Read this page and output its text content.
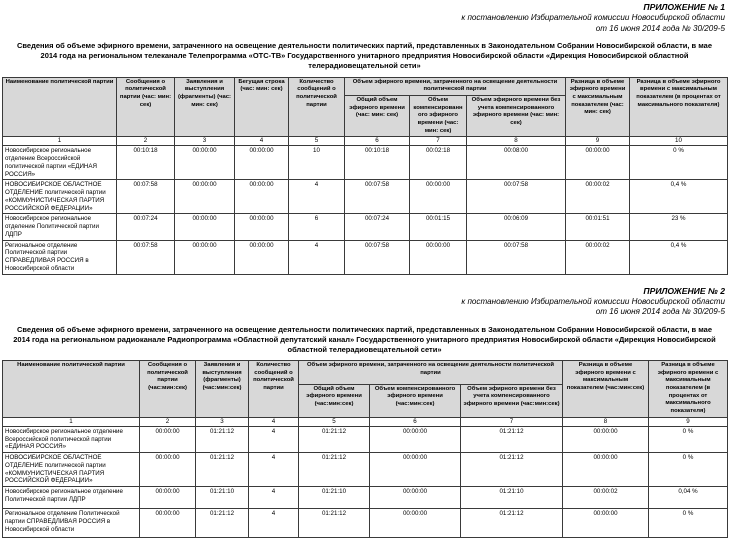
ПРИЛОЖЕНИЕ № 1
к постановлению Избирательной комиссии Новосибирской области
от 16 июня 2014 года № 30/209-5
Сведения об объеме эфирного времени, затраченного на освещение деятельности политических партий, представленных в Законодательном Собрании Новосибирской области, в мае 2014 года на региональном телеканале Телепрограмма «ОТС-ТВ» Государственного унитарного предприятия Новосибирской области «Дирекция Новосибирской областной телерадиовещательной сети»
Наименование политической партии	Сообщения о политической партии (час: мин: сек)	Заявления и выступления (фрагменты) (час: мин: сек)	Бегущая строка (час: мин: сек)	Количество сообщений о политической партии	Объем эфирного времени, затраченного на освещение деятельности политической партии			Разница в объеме эфирного времени с максимальным показателем (час: мин: сек)	Разница в объеме эфирного времени с максимальным показателем (в процентах от максимального показателя)
					Общий объем эфирного времени (час: мин: сек)	Объем компенсированного эфирного времени (час: мин: сек)	Объем эфирного времени без учета компенсированного эфирного времени (час: мин: сек)		
1	2	3	4	5	6	7	8	9	10
Новосибирское региональное отделение Всероссийской политической партии «ЕДИНАЯ РОССИЯ»	00:10:18	00:00:00	00:00:00	10	00:10:18	00:02:18	00:08:00	00:00:00	0 %
НОВОСИБИРСКОЕ ОБЛАСТНОЕ ОТДЕЛЕНИЕ политической партии «КОММУНИСТИЧЕСКАЯ ПАРТИЯ РОССИЙСКОЙ ФЕДЕРАЦИИ»	00:07:58	00:00:00	00:00:00	4	00:07:58	00:00:00	00:07:58	00:00:02	0,4 %
Новосибирское региональное отделение Политической партии ЛДПР	00:07:24	00:00:00	00:00:00	6	00:07:24	00:01:15	00:06:09	00:01:51	23 %
Региональное отделение Политической партии СПРАВЕДЛИВАЯ РОССИЯ в Новосибирской области	00:07:58	00:00:00	00:00:00	4	00:07:58	00:00:00	00:07:58	00:00:02	0,4 %
ПРИЛОЖЕНИЕ № 2
к постановлению Избирательной комиссии Новосибирской области
от 16 июня 2014 года № 30/209-5
Сведения об объеме эфирного времени, затраченного на освещение деятельности политических партий, представленных в Законодательном Собрании Новосибирской области, в мае 2014 года на региональном радиоканале Радиопрограмма «Областной депутатский канал» Государственного унитарного предприятия Новосибирской области «Дирекция Новосибирской областной телерадиовещательной сети»
Наименование политической партии	Сообщения о политической партии (час:мин:сек)	Заявления и выступления (фрагменты) (час:мин:сек)	Количество сообщений о политической партии	Объем эфирного времени, затраченного на освещение деятельности политической партии			Разница в объеме эфирного времени с максимальным показателем (час:мин:сек)	Разница в объеме эфирного времени с максимальным показателем (в процентах от максимального показателя)
				Общий объем эфирного времени (час:мин:сек)	Объем компенсированного эфирного времени (час:мин:сек)	Объем эфирного времени без учета компенсированного эфирного времени (час:мин:сек)		
1	2	3	4	5	6	7	8	9
Новосибирское региональное отделение Всероссийской политической партии «ЕДИНАЯ РОССИЯ»	00:00:00	01:21:12	4	01:21:12	00:00:00	01:21:12	00:00:00	0 %
НОВОСИБИРСКОЕ ОБЛАСТНОЕ ОТДЕЛЕНИЕ политической партии «КОММУНИСТИЧЕСКАЯ ПАРТИЯ РОССИЙСКОЙ ФЕДЕРАЦИИ»	00:00:00	01:21:12	4	01:21:12	00:00:00	01:21:12	00:00:00	0 %
Новосибирское региональное отделение Политической партии ЛДПР	00:00:00	01:21:10	4	01:21:10	00:00:00	01:21:10	00:00:02	0,04 %
Региональное отделение Политической партии СПРАВЕДЛИВАЯ РОССИЯ в Новосибирской области	00:00:00	01:21:12	4	01:21:12	00:00:00	01:21:12	00:00:00	0 %
